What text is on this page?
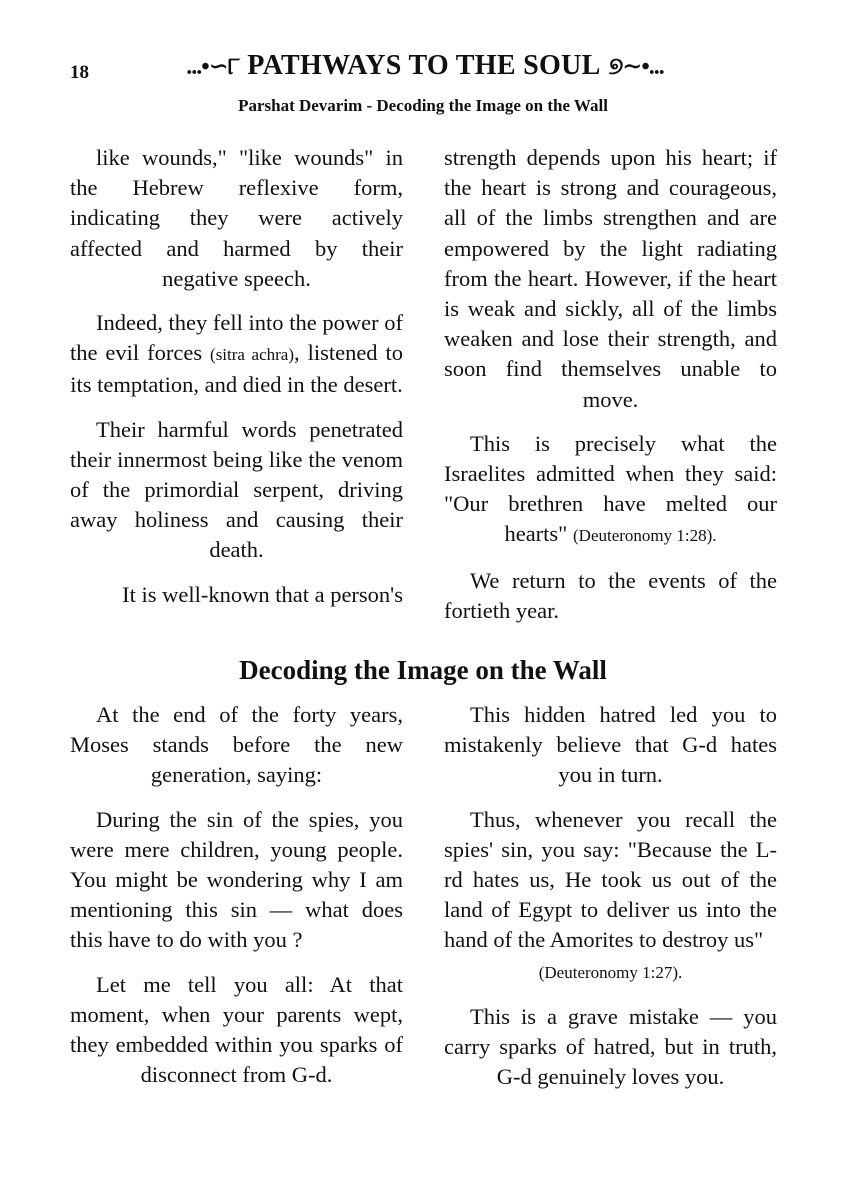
18	...•∽୮ PATHWAYS TO THE SOUL ୭∼•...
Parshat Devarim - Decoding the Image on the Wall

like wounds," "like wounds" in the Hebrew reflexive form, indicating they were actively affected and harmed by their negative speech.

Indeed, they fell into the power of the evil forces (sitra achra), listened to its temptation, and died in the desert.

Their harmful words penetrated their innermost being like the venom of the primordial serpent, driving away holiness and causing their death.

It is well-known that a person's

strength depends upon his heart; if the heart is strong and courageous, all of the limbs strengthen and are empowered by the light radiating from the heart. However, if the heart is weak and sickly, all of the limbs weaken and lose their strength, and soon find themselves unable to move.

This is precisely what the Israelites admitted when they said: "Our brethren have melted our hearts" (Deuteronomy 1:28).

We return to the events of the fortieth year.

Decoding the Image on the Wall

At the end of the forty years, Moses stands before the new generation, saying:

During the sin of the spies, you were mere children, young people. You might be wondering why I am mentioning this sin — what does this have to do with you ?

Let me tell you all: At that moment, when your parents wept, they embedded within you sparks of disconnect from G-d.

This hidden hatred led you to mistakenly believe that G-d hates you in turn.

Thus, whenever you recall the spies' sin, you say: "Because the L-rd hates us, He took us out of the land of Egypt to deliver us into the hand of the Amorites to destroy us"

(Deuteronomy 1:27).

This is a grave mistake — you carry sparks of hatred, but in truth, G-d genuinely loves you.
